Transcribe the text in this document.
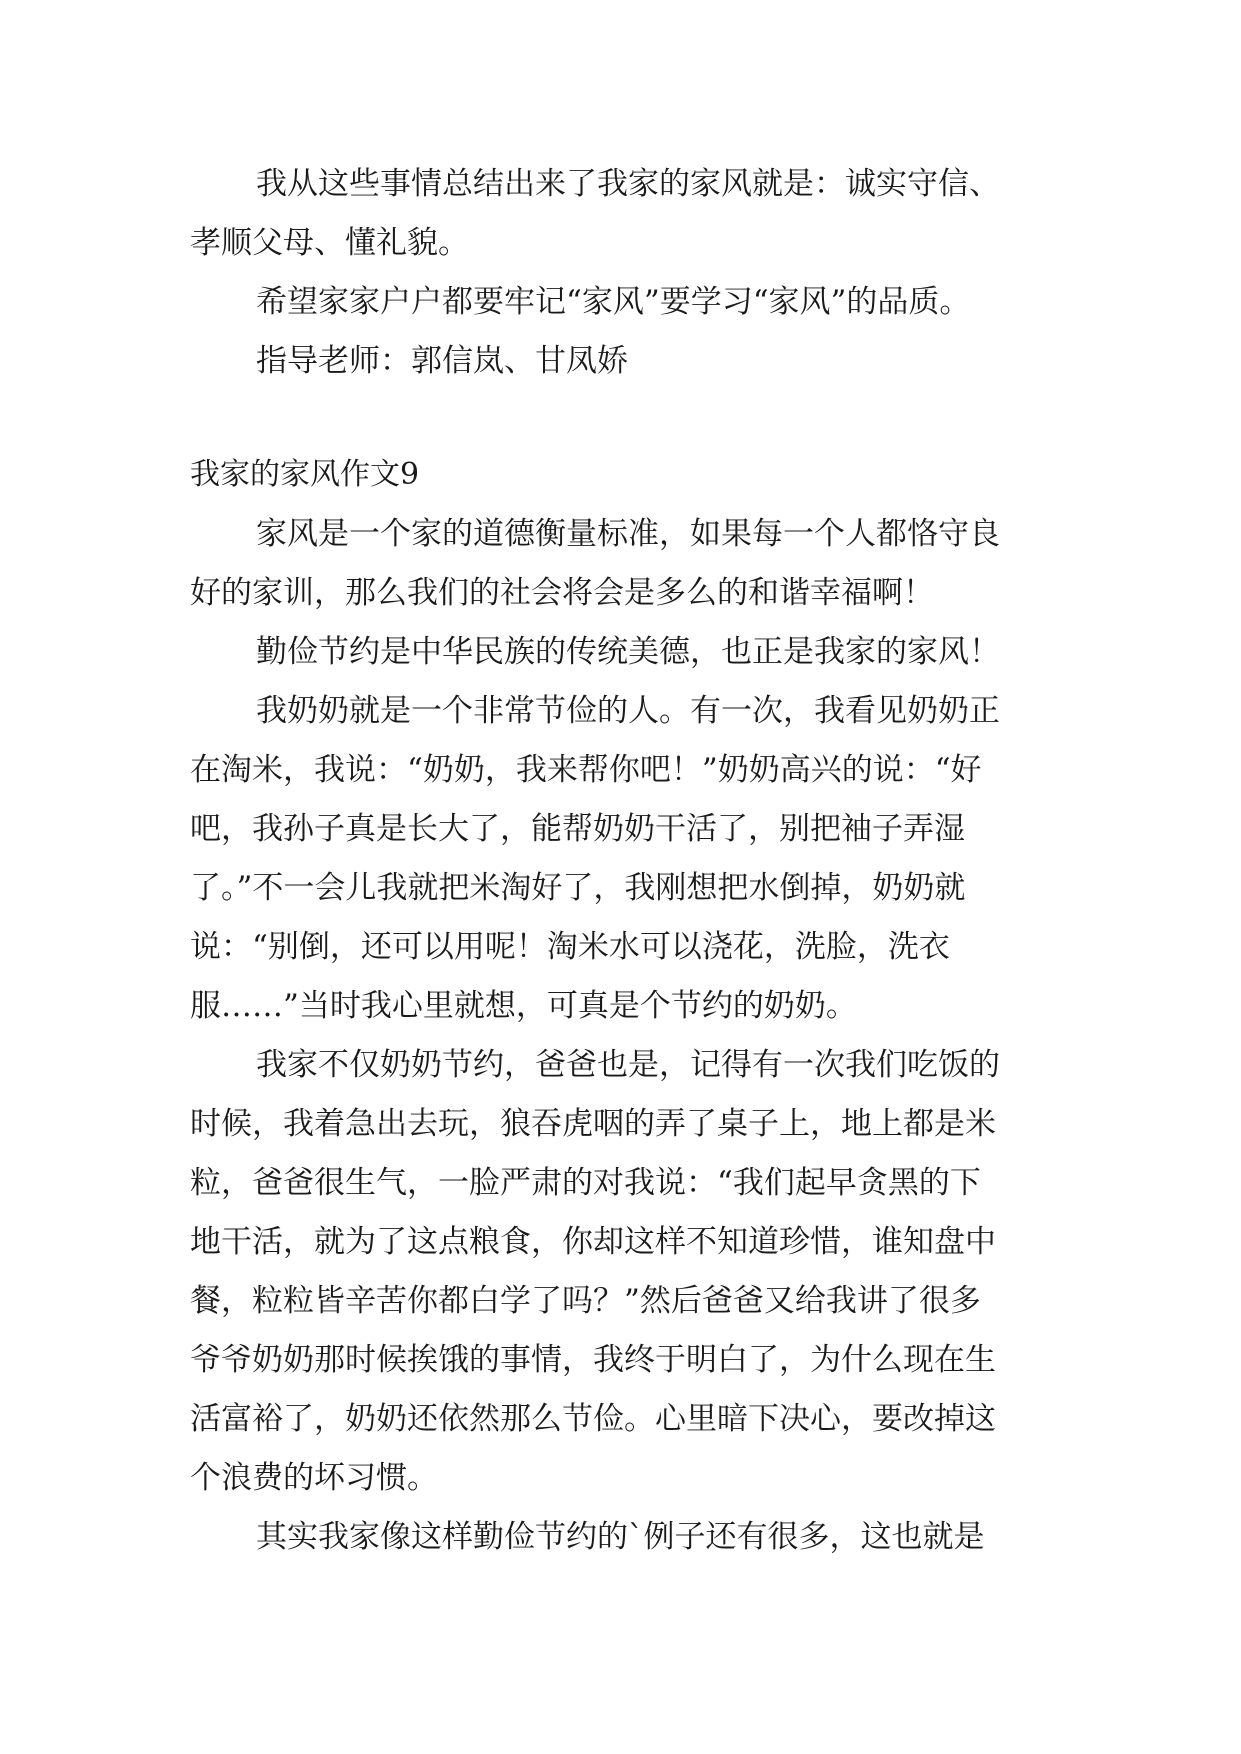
我从这些事情总结出来了我家的家风就是：诚实守信、

孝顺父母、懂礼貌。

希望家家户户都要牢记“家风”要学习“家风”的品质。

指导老师：郭信岚、甘凤娇

我家的家风作文9

家风是一个家的道德衡量标准，如果每一个人都恪守良

好的家训，那么我们的社会将会是多么的和谐幸福啊！

勤俭节约是中华民族的传统美德，也正是我家的家风！

我奶奶就是一个非常节俭的人。有一次，我看见奶奶正

在淘米，我说：“奶奶，我来帮你吧！”奶奶高兴的说：“好

吧，我孙子真是长大了，能帮奶奶干活了，别把袖子弄湿

了。”不一会儿我就把米淘好了，我刚想把水倒掉，奶奶就

说：“别倒，还可以用呢！淘米水可以浇花，洗脸，洗衣

服……”当时我心里就想，可真是个节约的奶奶。

我家不仅奶奶节约，爸爸也是，记得有一次我们吃饭的

时候，我着急出去玩，狼吞虎咽的弄了桌子上，地上都是米

粒，爸爸很生气，一脸严肃的对我说：“我们起早贪黑的下

地干活，就为了这点粮食，你却这样不知道珍惜，谁知盘中

餐，粒粒皆辛苦你都白学了吗？”然后爸爸又给我讲了很多

爷爷奶奶那时候挨饿的事情，我终于明白了，为什么现在生

活富裕了，奶奶还依然那么节俭。心里暗下决心，要改掉这

个浪费的坏习惯。

其实我家像这样勤俭节约的`例子还有很多，这也就是
